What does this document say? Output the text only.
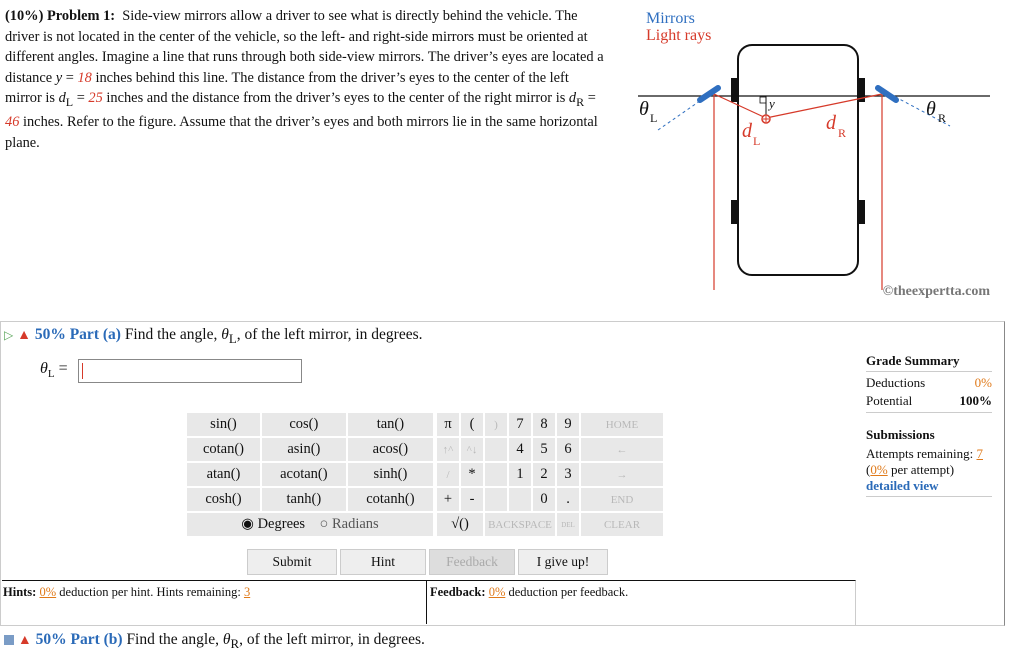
(10%) Problem 1: Side-view mirrors allow a driver to see what is directly behind the vehicle. The driver is not located in the center of the vehicle, so the left- and right-side mirrors must be oriented at different angles. Imagine a line that runs through both side-view mirrors. The driver’s eyes are located a distance y = 18 inches behind this line. The distance from the driver’s eyes to the center of the left mirror is $d_L = 25$ inches and the distance from the driver’s eyes to the center of the right mirror is $d_R = 46$ inches. Refer to the figure. Assume that the driver’s eyes and both mirrors lie in the same horizontal plane.
Mirrors
Light rays
θ L	θ R
d L
d R
y
©theexpertta.com
▷ ▲ 50% Part (a) Find the angle, $\theta_L$, of the left mirror, in degrees.
$\theta_L$ =
sin()	cos()	tan()
cotan()	asin()	acos()
atan()	acotan()	sinh()
cosh()	tanh()	cotanh()
◉ Degrees ○ Radians		
π	(	)	7	8	9	HOME
↑^	^↓		4	5	6	←
/	*		1	2	3	→
+	-			0	.	END
√()		BACKSPACE			DEL	CLEAR
Submit	Hint	Feedback	I give up!
Grade Summary
Deductions	0%
Potential	100%
Submissions
Attempts remaining: 7
(0% per attempt)
detailed view
Hints: 0% deduction per hint. Hints remaining: 3	Feedback: 0% deduction per feedback.
▲ 50% Part (b) Find the angle, $\theta_R$, of the left mirror, in degrees.
